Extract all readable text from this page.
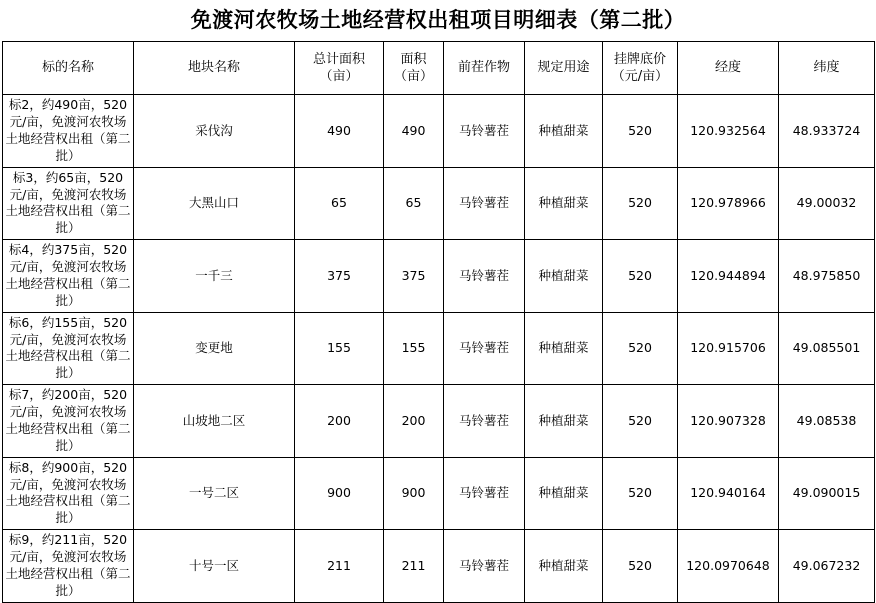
免渡河农牧场土地经营权出租项目明细表（第二批）
标的名称	地块名称	总计面积（亩）	面积（亩）	前茬作物	规定用途	挂牌底价（元/亩）	经度	纬度
标2，约490亩，520元/亩，免渡河农牧场土地经营权出租（第二批）	采伐沟	490	490	马铃薯茬	种植甜菜	520	120.932564	48.933724
标3，约65亩，520元/亩，免渡河农牧场土地经营权出租（第二批）	大黑山口	65	65	马铃薯茬	种植甜菜	520	120.978966	49.00032
标4，约375亩，520元/亩，免渡河农牧场土地经营权出租（第二批）	一千三	375	375	马铃薯茬	种植甜菜	520	120.944894	48.975850
标6，约155亩，520元/亩，免渡河农牧场土地经营权出租（第二批）	变更地	155	155	马铃薯茬	种植甜菜	520	120.915706	49.085501
标7，约200亩，520元/亩，免渡河农牧场土地经营权出租（第二批）	山坡地二区	200	200	马铃薯茬	种植甜菜	520	120.907328	49.08538
标8，约900亩，520元/亩，免渡河农牧场土地经营权出租（第二批）	一号二区	900	900	马铃薯茬	种植甜菜	520	120.940164	49.090015
标9，约211亩，520元/亩，免渡河农牧场土地经营权出租（第二批）	十号一区	211	211	马铃薯茬	种植甜菜	520	120.0970648	49.067232
